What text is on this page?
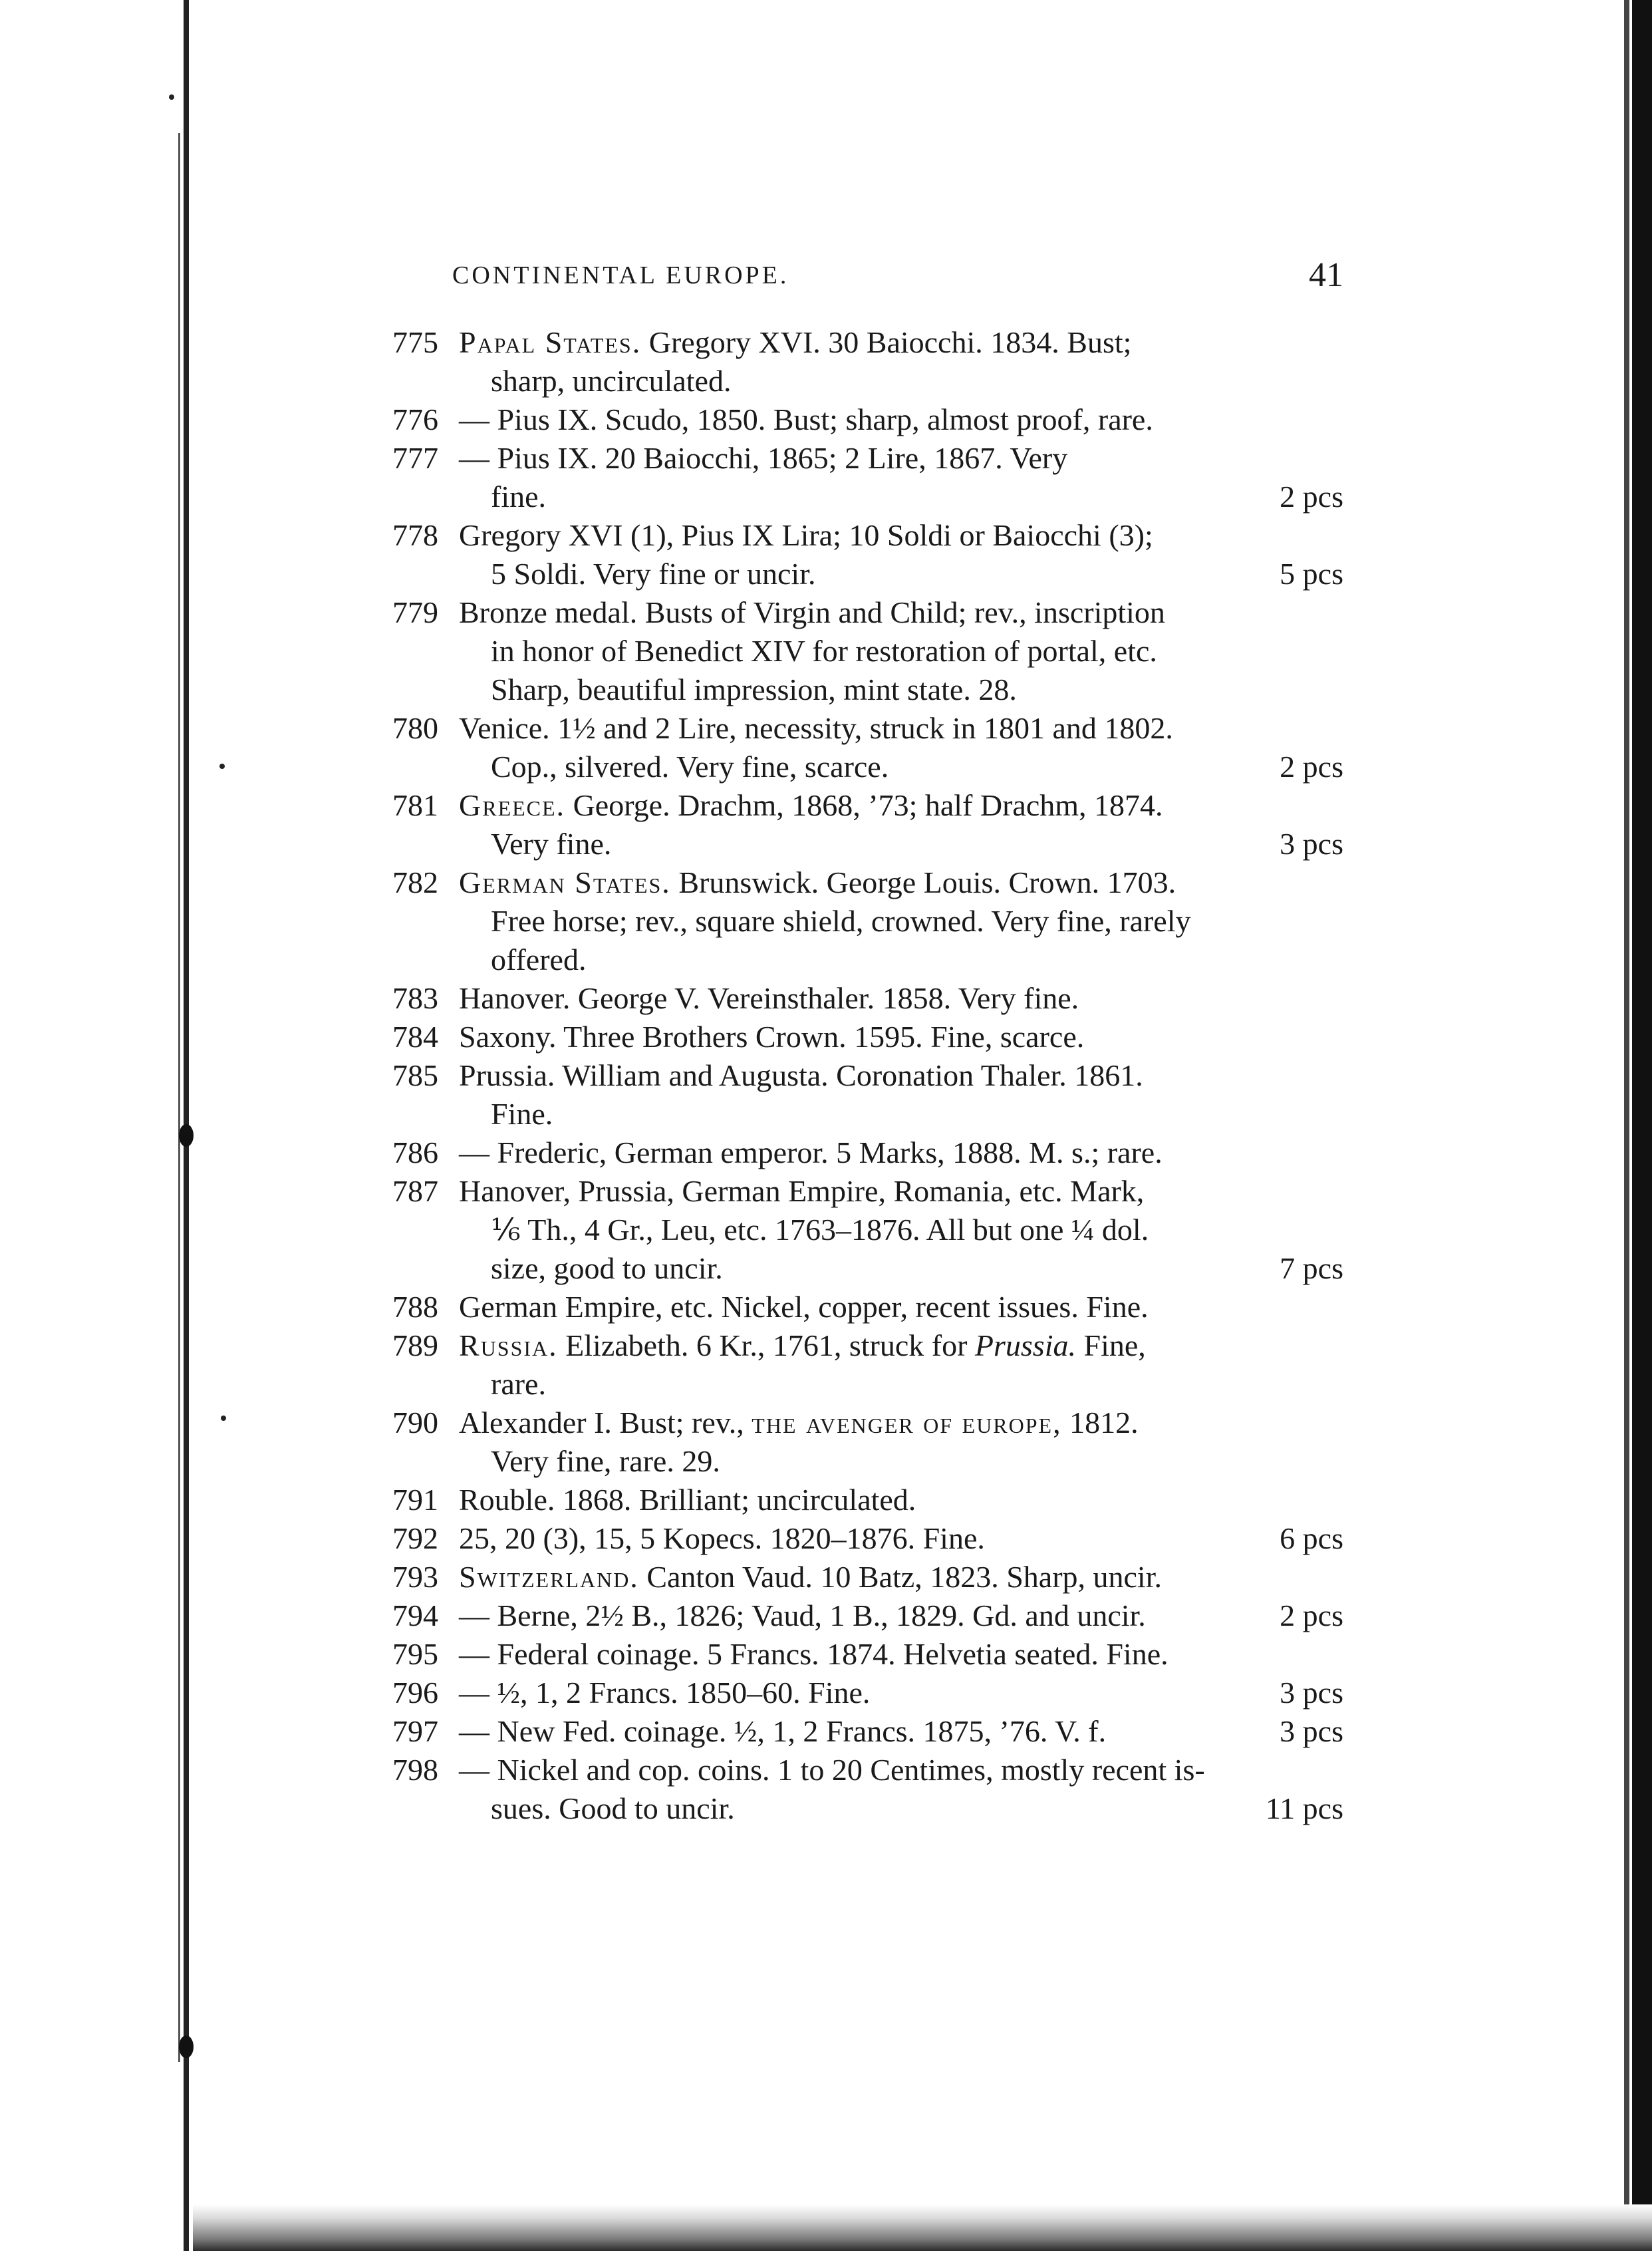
CONTINENTAL EUROPE.	41
775 Papal States. Gregory XVI. 30 Baiocchi. 1834. Bust;
sharp, uncirculated.
776 — Pius IX. Scudo, 1850. Bust; sharp, almost proof, rare.
777 — Pius IX. 20 Baiocchi, 1865; 2 Lire, 1867. Very
fine.	2 pcs
778 Gregory XVI (1), Pius IX Lira; 10 Soldi or Baiocchi (3);
5 Soldi. Very fine or uncir.	5 pcs
779 Bronze medal. Busts of Virgin and Child; rev., inscription
in honor of Benedict XIV for restoration of portal, etc.
Sharp, beautiful impression, mint state. 28.
780 Venice. 1½ and 2 Lire, necessity, struck in 1801 and 1802.
Cop., silvered. Very fine, scarce.	2 pcs
781 Greece. George. Drachm, 1868, ’73; half Drachm, 1874.
Very fine.	3 pcs
782 German States. Brunswick. George Louis. Crown. 1703.
Free horse; rev., square shield, crowned. Very fine, rarely
offered.
783 Hanover. George V. Vereinsthaler. 1858. Very fine.
784 Saxony. Three Brothers Crown. 1595. Fine, scarce.
785 Prussia. William and Augusta. Coronation Thaler. 1861.
Fine.
786 — Frederic, German emperor. 5 Marks, 1888. M. s.; rare.
787 Hanover, Prussia, German Empire, Romania, etc. Mark,
⅙ Th., 4 Gr., Leu, etc. 1763–1876. All but one ¼ dol.
size, good to uncir.	7 pcs
788 German Empire, etc. Nickel, copper, recent issues. Fine.
789 Russia. Elizabeth. 6 Kr., 1761, struck for Prussia. Fine,
rare.
790 Alexander I. Bust; rev., the avenger of europe, 1812.
Very fine, rare. 29.
791 Rouble. 1868. Brilliant; uncirculated.
792 25, 20 (3), 15, 5 Kopecs. 1820–1876. Fine.	6 pcs
793 Switzerland. Canton Vaud. 10 Batz, 1823. Sharp, uncir.
794 — Berne, 2½ B., 1826; Vaud, 1 B., 1829. Gd. and uncir.	2 pcs
795 — Federal coinage. 5 Francs. 1874. Helvetia seated. Fine.
796 — ½, 1, 2 Francs. 1850–60. Fine.	3 pcs
797 — New Fed. coinage. ½, 1, 2 Francs. 1875, ’76. V. f.	3 pcs
798 — Nickel and cop. coins. 1 to 20 Centimes, mostly recent is-
sues. Good to uncir.	11 pcs
